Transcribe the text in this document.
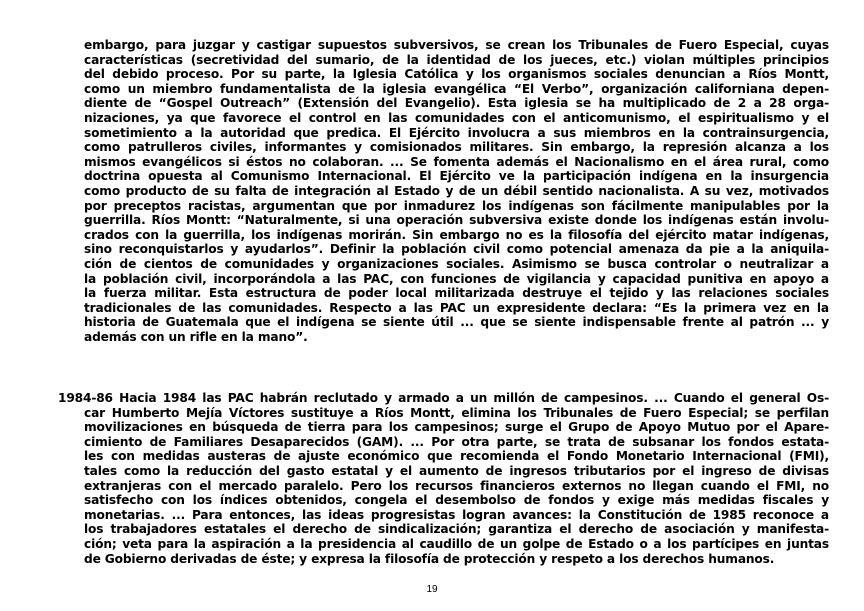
embargo, para juzgar y castigar supuestos subversivos, se crean los Tribunales de Fuero Especial, cuyas
características (secretividad del sumario, de la identidad de los jueces, etc.) violan múltiples principios
del debido proceso. Por su parte, la Iglesia Católica y los organismos sociales denuncian a Ríos Montt,
como un miembro fundamentalista de la iglesia evangélica “El Verbo”, organización californiana depen-
diente de “Gospel Outreach” (Extensión del Evangelio). Esta iglesia se ha multiplicado de 2 a 28 orga-
nizaciones, ya que favorece el control en las comunidades con el anticomunismo, el espiritualismo y el
sometimiento a la autoridad que predica. El Ejército involucra a sus miembros en la contrainsurgencia,
como patrulleros civiles, informantes y comisionados militares. Sin embargo, la represión alcanza a los
mismos evangélicos si éstos no colaboran. ... Se fomenta además el Nacionalismo en el área rural, como
doctrina opuesta al Comunismo Internacional. El Ejército ve la participación indígena en la insurgencia
como producto de su falta de integración al Estado y de un débil sentido nacionalista. A su vez, motivados
por preceptos racistas, argumentan que por inmadurez los indígenas son fácilmente manipulables por la
guerrilla. Ríos Montt: “Naturalmente, si una operación subversiva existe donde los indígenas están involu-
crados con la guerrilla, los indígenas morirán. Sin embargo no es la filosofía del ejército matar indígenas,
sino reconquistarlos y ayudarlos”. Definir la población civil como potencial amenaza da pie a la aniquila-
ción de cientos de comunidades y organizaciones sociales. Asimismo se busca controlar o neutralizar a
la población civil, incorporándola a las PAC, con funciones de vigilancia y capacidad punitiva en apoyo a
la fuerza militar. Esta estructura de poder local militarizada destruye el tejido y las relaciones sociales
tradicionales de las comunidades. Respecto a las PAC un expresidente declara: “Es la primera vez en la
historia de Guatemala que el indígena se siente útil ... que se siente indispensable frente al patrón ... y
además con un rifle en la mano”.
1984-86 Hacia 1984 las PAC habrán reclutado y armado a un millón de campesinos. ... Cuando el general Os-
car Humberto Mejía Víctores sustituye a Ríos Montt, elimina los Tribunales de Fuero Especial; se perfilan
movilizaciones en búsqueda de tierra para los campesinos; surge el Grupo de Apoyo Mutuo por el Apare-
cimiento de Familiares Desaparecidos (GAM). ... Por otra parte, se trata de subsanar los fondos estata-
les con medidas austeras de ajuste económico que recomienda el Fondo Monetario Internacional (FMI),
tales como la reducción del gasto estatal y el aumento de ingresos tributarios por el ingreso de divisas
extranjeras con el mercado paralelo. Pero los recursos financieros externos no llegan cuando el FMI, no
satisfecho con los índices obtenidos, congela el desembolso de fondos y exige más medidas fiscales y
monetarias. ... Para entonces, las ideas progresistas logran avances: la Constitución de 1985 reconoce a
los trabajadores estatales el derecho de sindicalización; garantiza el derecho de asociación y manifesta-
ción; veta para la aspiración a la presidencia al caudillo de un golpe de Estado o a los partícipes en juntas
de Gobierno derivadas de éste; y expresa la filosofía de protección y respeto a los derechos humanos.
19
